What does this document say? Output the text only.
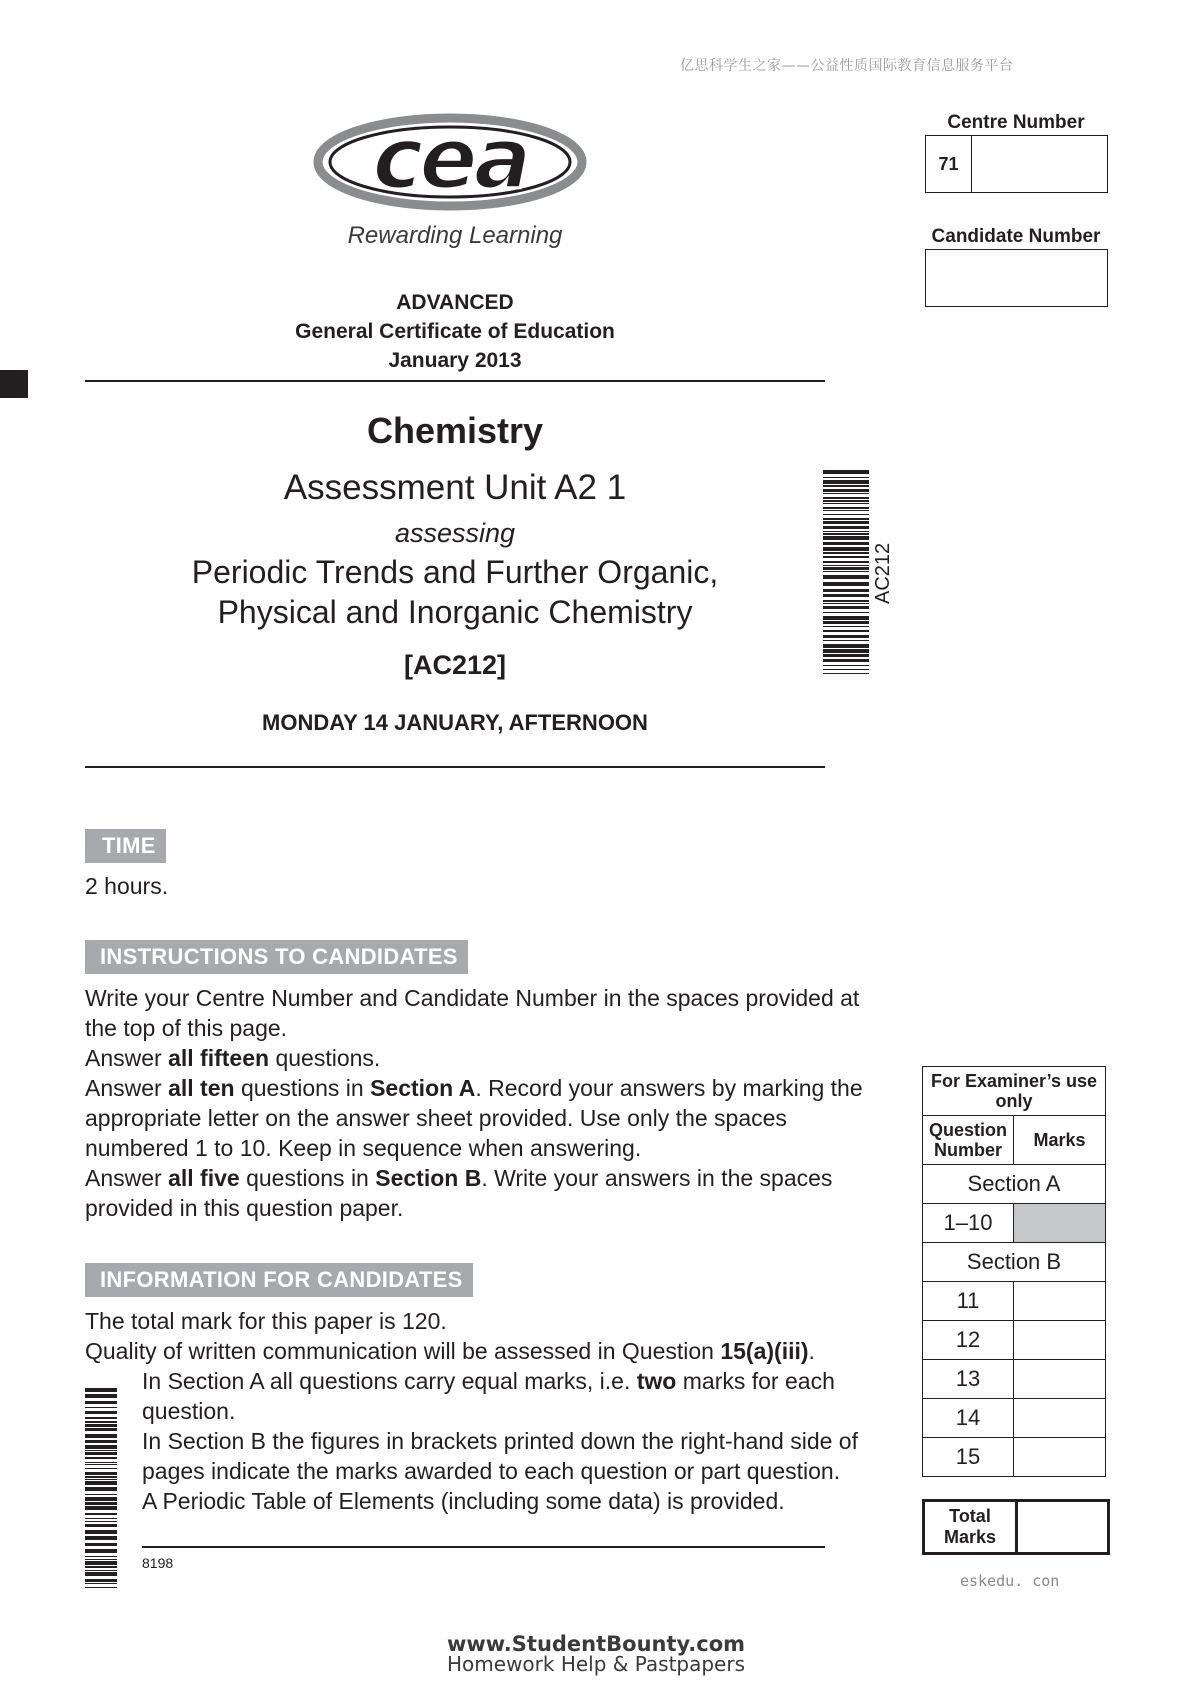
亿思科学生之家——公益性质国际教育信息服务平台
cea
Rewarding Learning
ADVANCED
General Certificate of Education
January 2013
Chemistry
Assessment Unit A2 1
assessing
Periodic Trends and Further Organic,
Physical and Inorganic Chemistry
[AC212]
MONDAY 14 JANUARY, AFTERNOON
AC212
Centre Number
71
Candidate Number
TIME
2 hours.
INSTRUCTIONS TO CANDIDATES
Write your Centre Number and Candidate Number in the spaces provided at the top of this page.
Answer all fifteen questions.
Answer all ten questions in Section A. Record your answers by marking the appropriate letter on the answer sheet provided. Use only the spaces numbered 1 to 10. Keep in sequence when answering.
Answer all five questions in Section B. Write your answers in the spaces provided in this question paper.
INFORMATION FOR CANDIDATES
The total mark for this paper is 120.
Quality of written communication will be assessed in Question 15(a)(iii).
In Section A all questions carry equal marks, i.e. two marks for each question.
In Section B the figures in brackets printed down the right-hand side of pages indicate the marks awarded to each question or part question.
A Periodic Table of Elements (including some data) is provided.
8198
For Examiner’s use only	
Question Number	Marks
Section A	
1–10	
Section B	
11	
12	
13	
14	
15	
Total Marks
eskedu. con
www.StudentBounty.com
Homework Help & Pastpapers
